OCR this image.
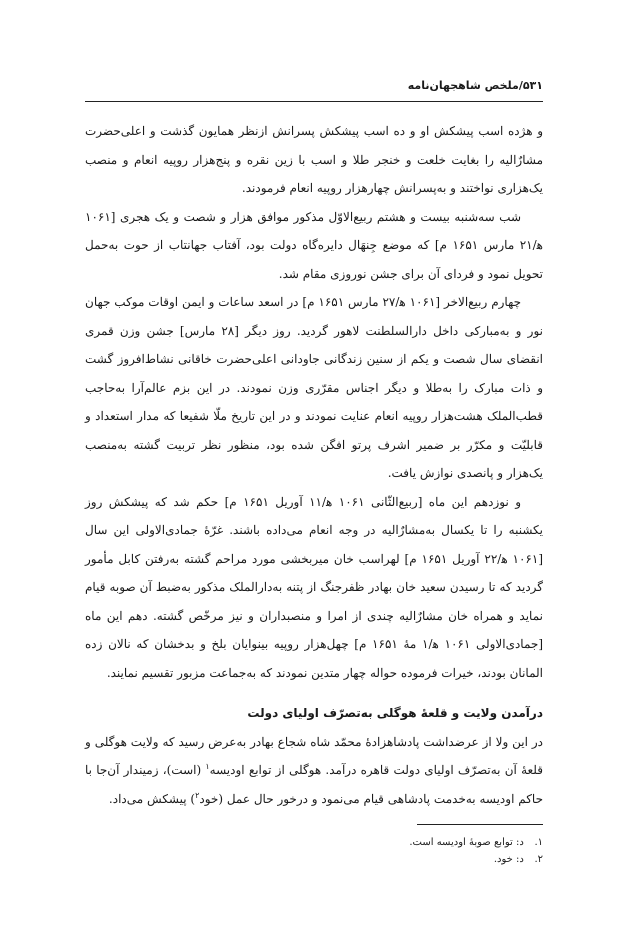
۵۳۱/ملخص شاهجهان‌نامه

و هژده اسب پیشکش او و ده اسب پیشکش پسرانش ازنظر همایون گذشت و اعلی‌حضرت مشارٌالیه را بغایت خلعت و خنجر طلا و اسب با زین نقره و پنج‌هزار روپیه انعام و منصب یک‌هزاری نواختند و به‌پسرانش چهارهزار روپیه انعام فرمودند.

شب سه‌شنبه بیست و هشتم ربیع‌الاوّل مذکور موافق هزار و شصت و یک هجری [۱۰۶۱ ﻫ/۲۱ مارس ۱۶۵۱ م] که موضع جِنهَال دایره‌گاه دولت بود، آفتاب جهانتاب از حوت به‌حمل تحویل نمود و فردای آن برای جشن نوروزی مقام شد.

چهارم ربیع‌الاخر [۱۰۶۱ ﻫ/۲۷ مارس ۱۶۵۱ م] در اسعد ساعات و ایمن اوقات موکب جهان نور و به‌مبارکی داخل دارالسلطنت لاهور گردید. روز دیگر [۲۸ مارس] جشن وزن قمری انقضای سال شصت و یکم از سنین زندگانی جاودانی اعلی‌حضرت خاقانی نشاط‌افروز گشت و ذات مبارک را به‌طلا و دیگر اجناس مقرّری وزن نمودند. در این بزم عالم‌آرا به‌حاجب قطب‌الملک هشت‌هزار روپیه انعام عنایت نمودند و در این تاریخ ملّا شفیعا که مدار استعداد و قابلیّت و مکرّر بر ضمیر اشرف پرتو افگن شده بود، منظور نظر تربیت گشته به‌منصب یک‌هزار و پانصدی نوازش یافت.

و نوزدهم این ماه [ربیع‌الثّانی ۱۰۶۱ ﻫ/۱۱ آوریل ۱۶۵۱ م] حکم شد که پیشکش روز یکشنبه را تا یکسال به‌مشارٌالیه در وجه انعام می‌داده باشند. غرّهٔ جمادی‌الاولی این سال [۱۰۶۱ ﻫ/۲۲ آوریل ۱۶۵۱ م] لهراسب خان میربخشی مورد مراحم گشته به‌رفتن کابل مأمور گردید که تا رسیدن سعید خان بهادر ظفرجنگ از پتنه به‌دارالملک مذکور به‌ضبط آن صوبه قیام نماید و همراه خان مشارٌالیه چندی از امرا و منصبداران و نیز مرخّص گشته. دهم این ماه [جمادی‌الاولی ۱۰۶۱ ﻫ/۱ مهٔ ۱۶۵۱ م] چهل‌هزار روپیه بینوایان بلخ و بدخشان که نالان زده المانان بودند، خیرات فرموده حواله چهار متدین نمودند که به‌جماعت مزبور تقسیم نمایند.

درآمدن ولایت و قلعهٔ هوگلی به‌تصرّف اولیای دولت

در این ولا از عرضداشت پادشاهزادهٔ محمّد شاه شجاع بهادر به‌عرض رسید که ولایت هوگلی و قلعهٔ آن به‌تصرّف اولیای دولت قاهره درآمد. هوگلی از توابع اودیسه$^۱$ (است)، زمیندار آن‌جا با حاکم اودیسه به‌خدمت پادشاهی قیام می‌نمود و درخور حال عمل (خود$^۲$) پیشکش می‌داد.

۱. د: توابع صوبهٔ اودیسه است.
۲. د: خود.
